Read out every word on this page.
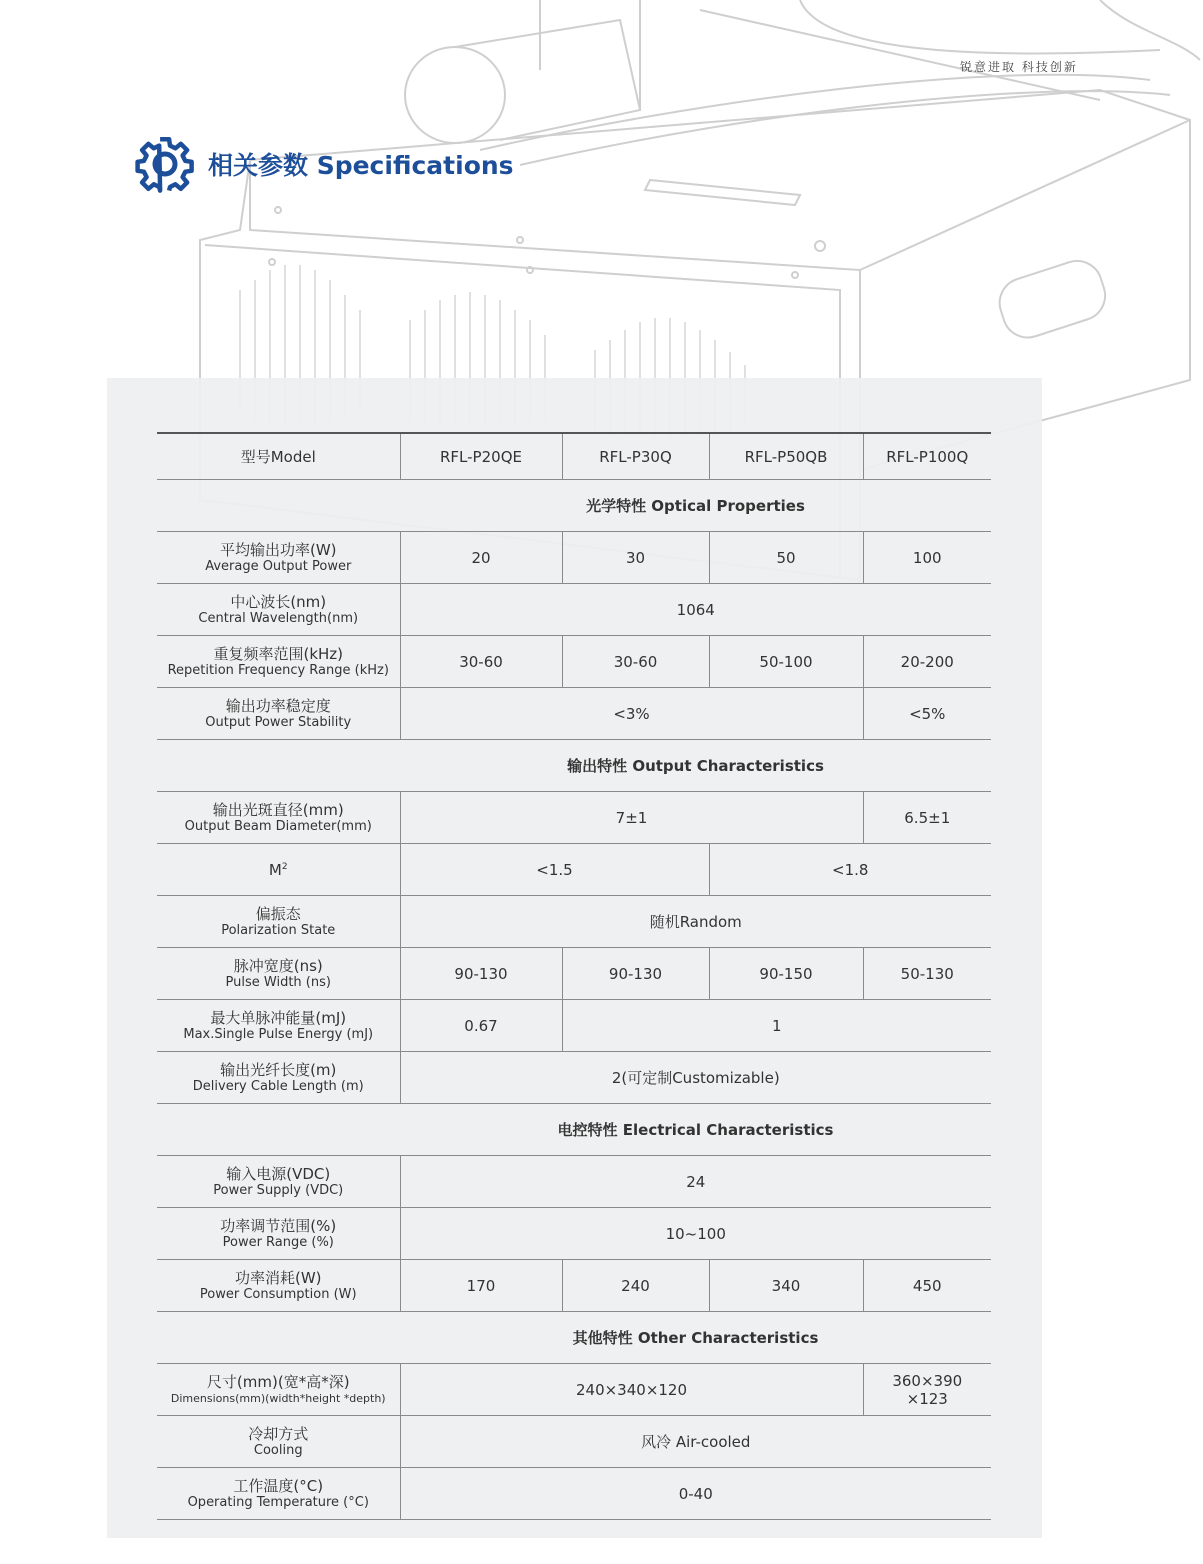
锐意进取 科技创新
相关参数 Specifications
型号Model	RFL-P20QE	RFL-P30Q	RFL-P50QB	RFL-P100Q
	光学特性 Optical Properties			

平均输出功率(W)
Average Output Power	20	30	50	100

中心波长(nm)
Central Wavelength(nm)	1064			

重复频率范围(kHz)
Repetition Frequency Range (kHz)	30-60	30-60	50-100	20-200

输出功率稳定度
Output Power Stability	<3%			<5%
	输出特性 Output Characteristics			

输出光斑直径(mm)
Output Beam Diameter(mm)	7±1			6.5±1
$M^2$	<1.5		<1.8	

偏振态
Polarization State	随机Random			

脉冲宽度(ns)
Pulse Width (ns)	90-130	90-130	90-150	50-130

最大单脉冲能量(mJ)
Max.Single Pulse Energy (mJ)	0.67	1		

输出光纤长度(m)
Delivery Cable Length (m)	2(可定制Customizable)			
	电控特性 Electrical Characteristics			

输入电源(VDC)
Power Supply (VDC)	24			

功率调节范围(%)
Power Range (%)	10~100			

功率消耗(W)
Power Consumption (W)	170	240	340	450
	其他特性 Other Characteristics			

尺寸(mm)(宽*高*深)
Dimensions(mm)(width*height *depth)	240×340×120			360×390
×123

冷却方式
Cooling	风冷 Air-cooled			

工作温度(°C)
Operating Temperature (°C)	0-40			
